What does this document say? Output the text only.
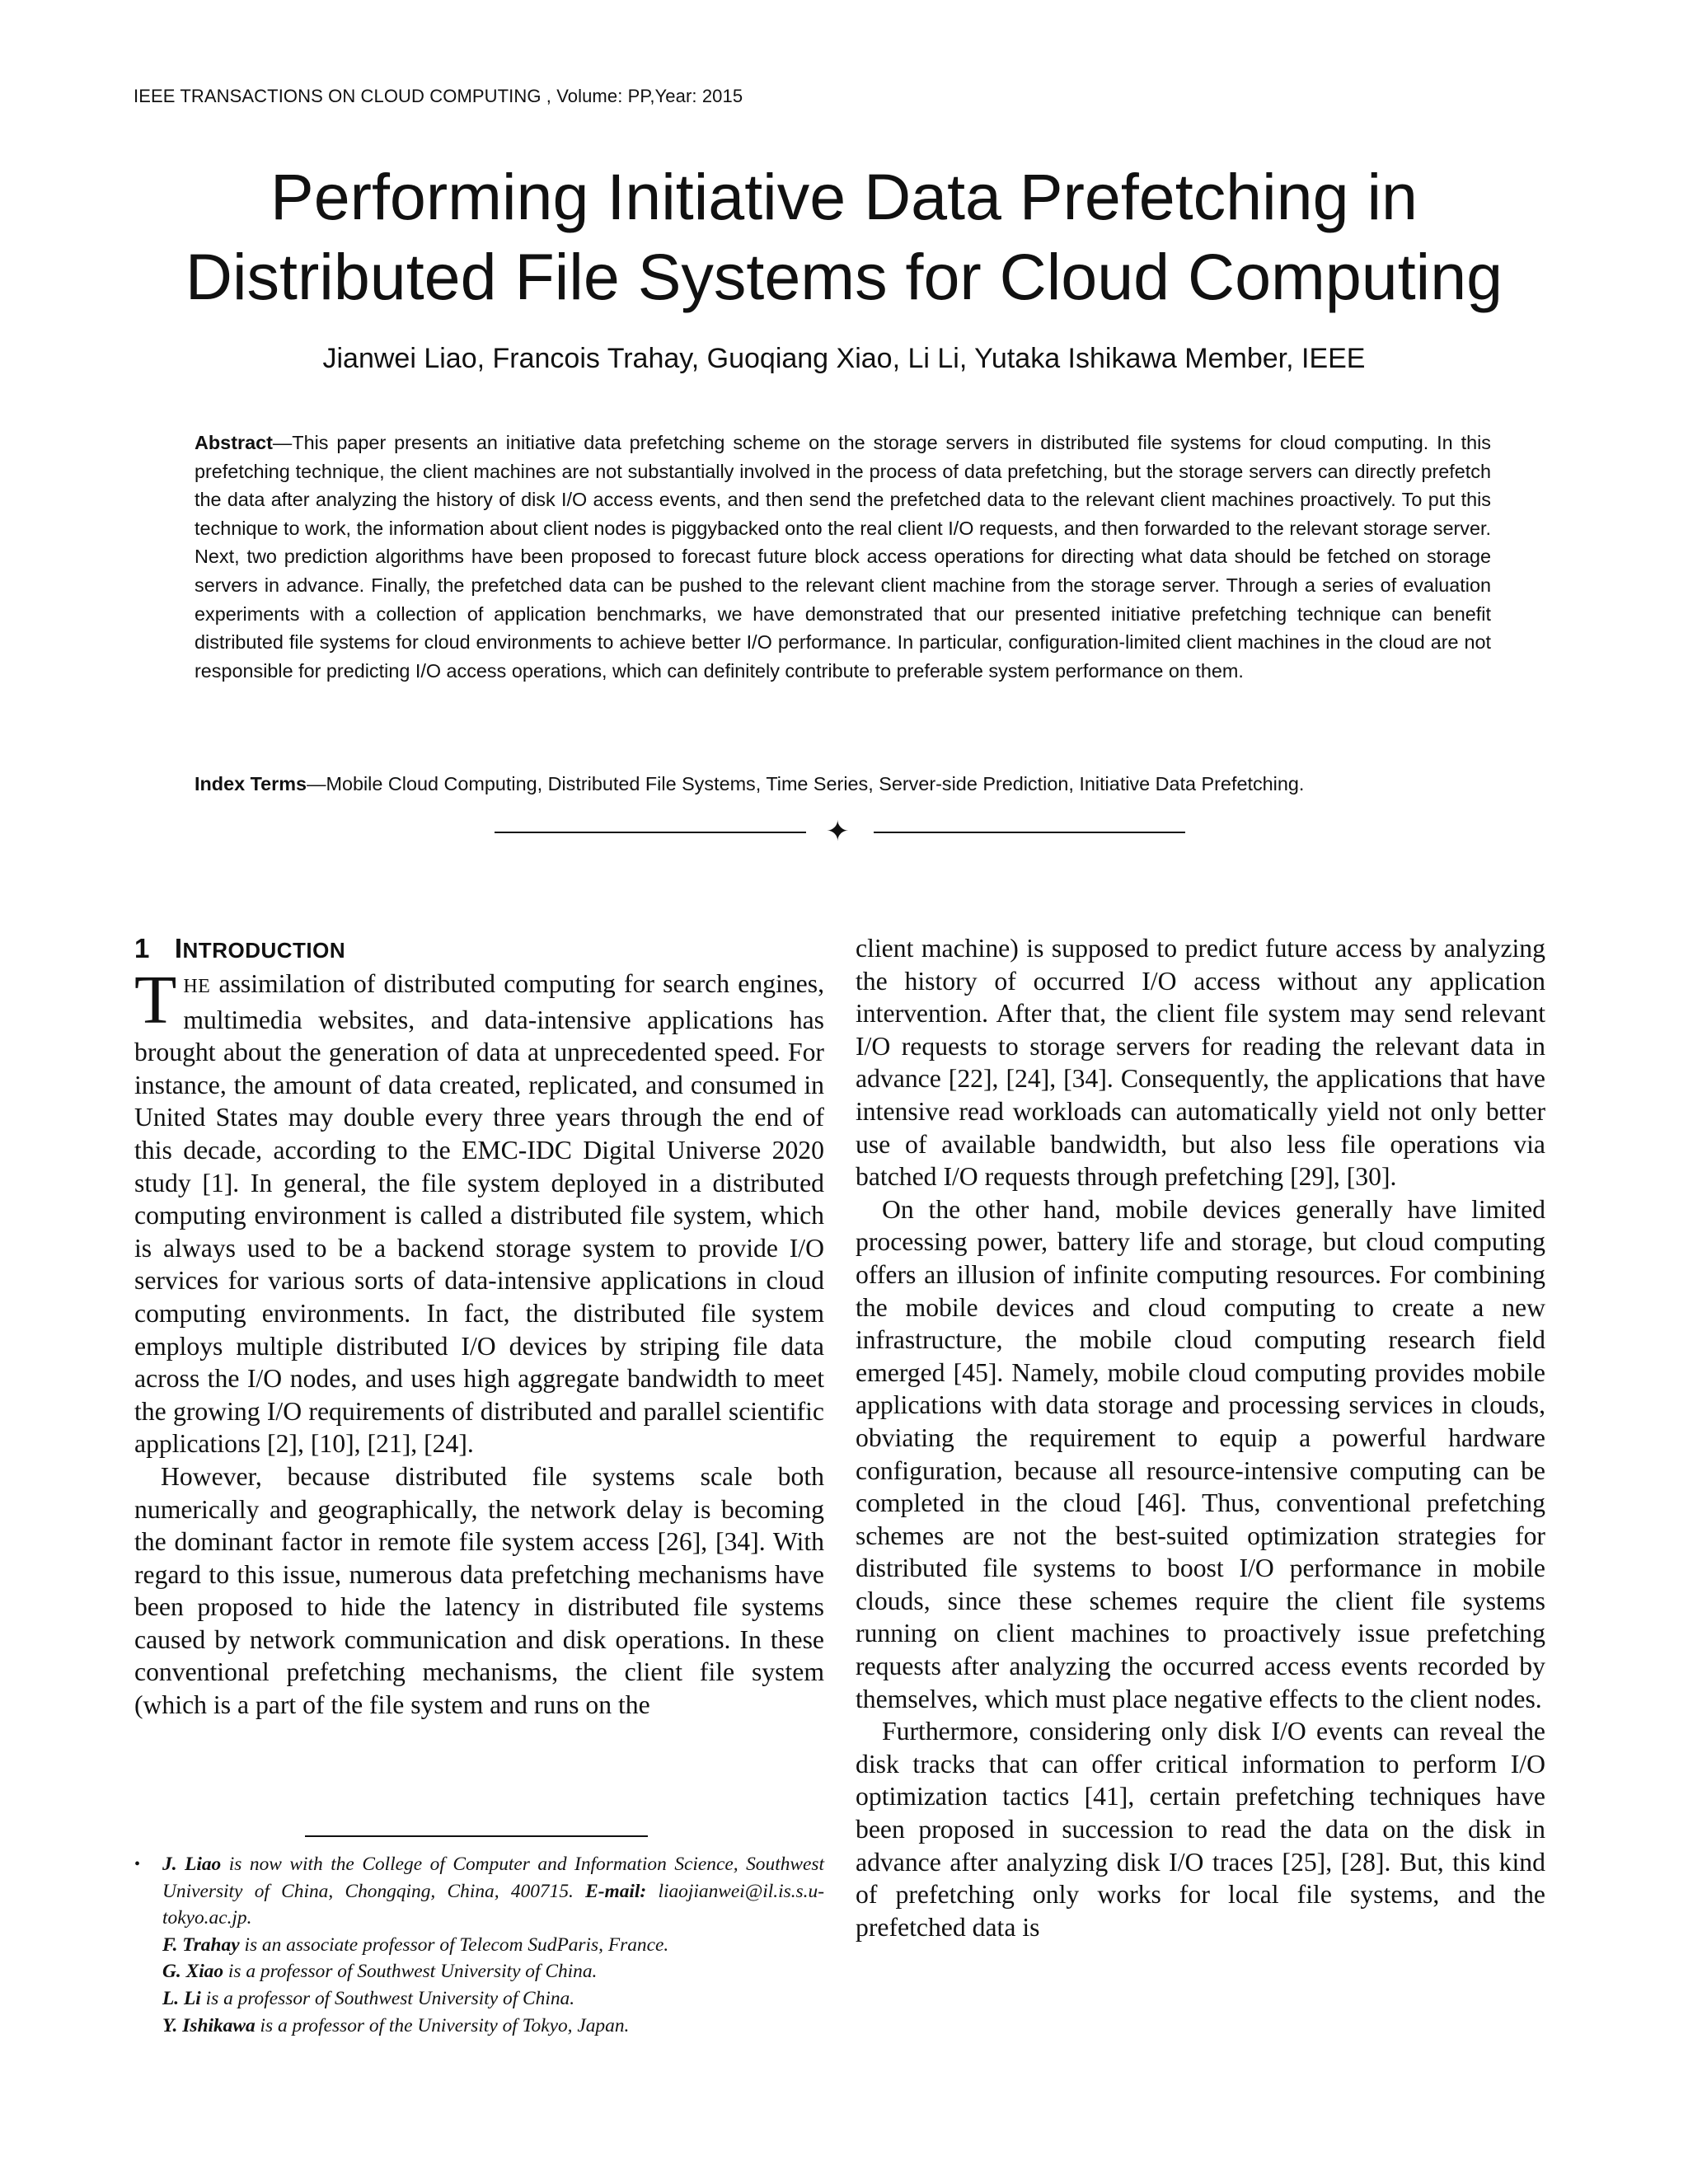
IEEE TRANSACTIONS ON CLOUD COMPUTING , Volume: PP,Year: 2015
Performing Initiative Data Prefetching in
Distributed File Systems for Cloud Computing
Jianwei Liao, Francois Trahay, Guoqiang Xiao, Li Li, Yutaka Ishikawa Member, IEEE

Abstract—This paper presents an initiative data prefetching scheme on the storage servers in distributed file systems for cloud computing. In this prefetching technique, the client machines are not substantially involved in the process of data prefetching, but the storage servers can directly prefetch the data after analyzing the history of disk I/O access events, and then send the prefetched data to the relevant client machines proactively. To put this technique to work, the information about client nodes is piggybacked onto the real client I/O requests, and then forwarded to the relevant storage server. Next, two prediction algorithms have been proposed to forecast future block access operations for directing what data should be fetched on storage servers in advance. Finally, the prefetched data can be pushed to the relevant client machine from the storage server. Through a series of evaluation experiments with a collection of application benchmarks, we have demonstrated that our presented initiative prefetching technique can benefit distributed file systems for cloud environments to achieve better I/O performance. In particular, configuration-limited client machines in the cloud are not responsible for predicting I/O access operations, which can definitely contribute to preferable system performance on them.

Index Terms—Mobile Cloud Computing, Distributed File Systems, Time Series, Server-side Prediction, Initiative Data Prefetching.
✦
1 INTRODUCTION

THE assimilation of distributed computing for search engines, multimedia websites, and data-intensive applications has brought about the generation of data at unprecedented speed. For instance, the amount of data created, replicated, and consumed in United States may double every three years through the end of this decade, according to the EMC-IDC Digital Universe 2020 study [1]. In general, the file system deployed in a distributed computing environment is called a distributed file system, which is always used to be a backend storage system to provide I/O services for various sorts of data-intensive applications in cloud computing environments. In fact, the distributed file system employs multiple distributed I/O devices by striping file data across the I/O nodes, and uses high aggregate bandwidth to meet the growing I/O requirements of distributed and parallel scientific applications [2], [10], [21], [24].

However, because distributed file systems scale both numerically and geographically, the network delay is becoming the dominant factor in remote file system access [26], [34]. With regard to this issue, numerous data prefetching mechanisms have been proposed to hide the latency in distributed file systems caused by network communication and disk operations. In these conventional prefetching mechanisms, the client file system (which is a part of the file system and runs on the

•	J. Liao is now with the College of Computer and Information Science, Southwest University of China, Chongqing, China, 400715. E-mail: liaojianwei@il.is.s.u-tokyo.ac.jp.
F. Trahay is an associate professor of Telecom SudParis, France.
G. Xiao is a professor of Southwest University of China.
L. Li is a professor of Southwest University of China.
Y. Ishikawa is a professor of the University of Tokyo, Japan.

client machine) is supposed to predict future access by analyzing the history of occurred I/O access without any application intervention. After that, the client file system may send relevant I/O requests to storage servers for reading the relevant data in advance [22], [24], [34]. Consequently, the applications that have intensive read workloads can automatically yield not only better use of available bandwidth, but also less file operations via batched I/O requests through prefetching [29], [30].

On the other hand, mobile devices generally have limited processing power, battery life and storage, but cloud computing offers an illusion of infinite computing resources. For combining the mobile devices and cloud computing to create a new infrastructure, the mobile cloud computing research field emerged [45]. Namely, mobile cloud computing provides mobile applications with data storage and processing services in clouds, obviating the requirement to equip a powerful hardware configuration, because all resource-intensive computing can be completed in the cloud [46]. Thus, conventional prefetching schemes are not the best-suited optimization strategies for distributed file systems to boost I/O performance in mobile clouds, since these schemes require the client file systems running on client machines to proactively issue prefetching requests after analyzing the occurred access events recorded by themselves, which must place negative effects to the client nodes.

Furthermore, considering only disk I/O events can reveal the disk tracks that can offer critical information to perform I/O optimization tactics [41], certain prefetching techniques have been proposed in succession to read the data on the disk in advance after analyzing disk I/O traces [25], [28]. But, this kind of prefetching only works for local file systems, and the prefetched data is
